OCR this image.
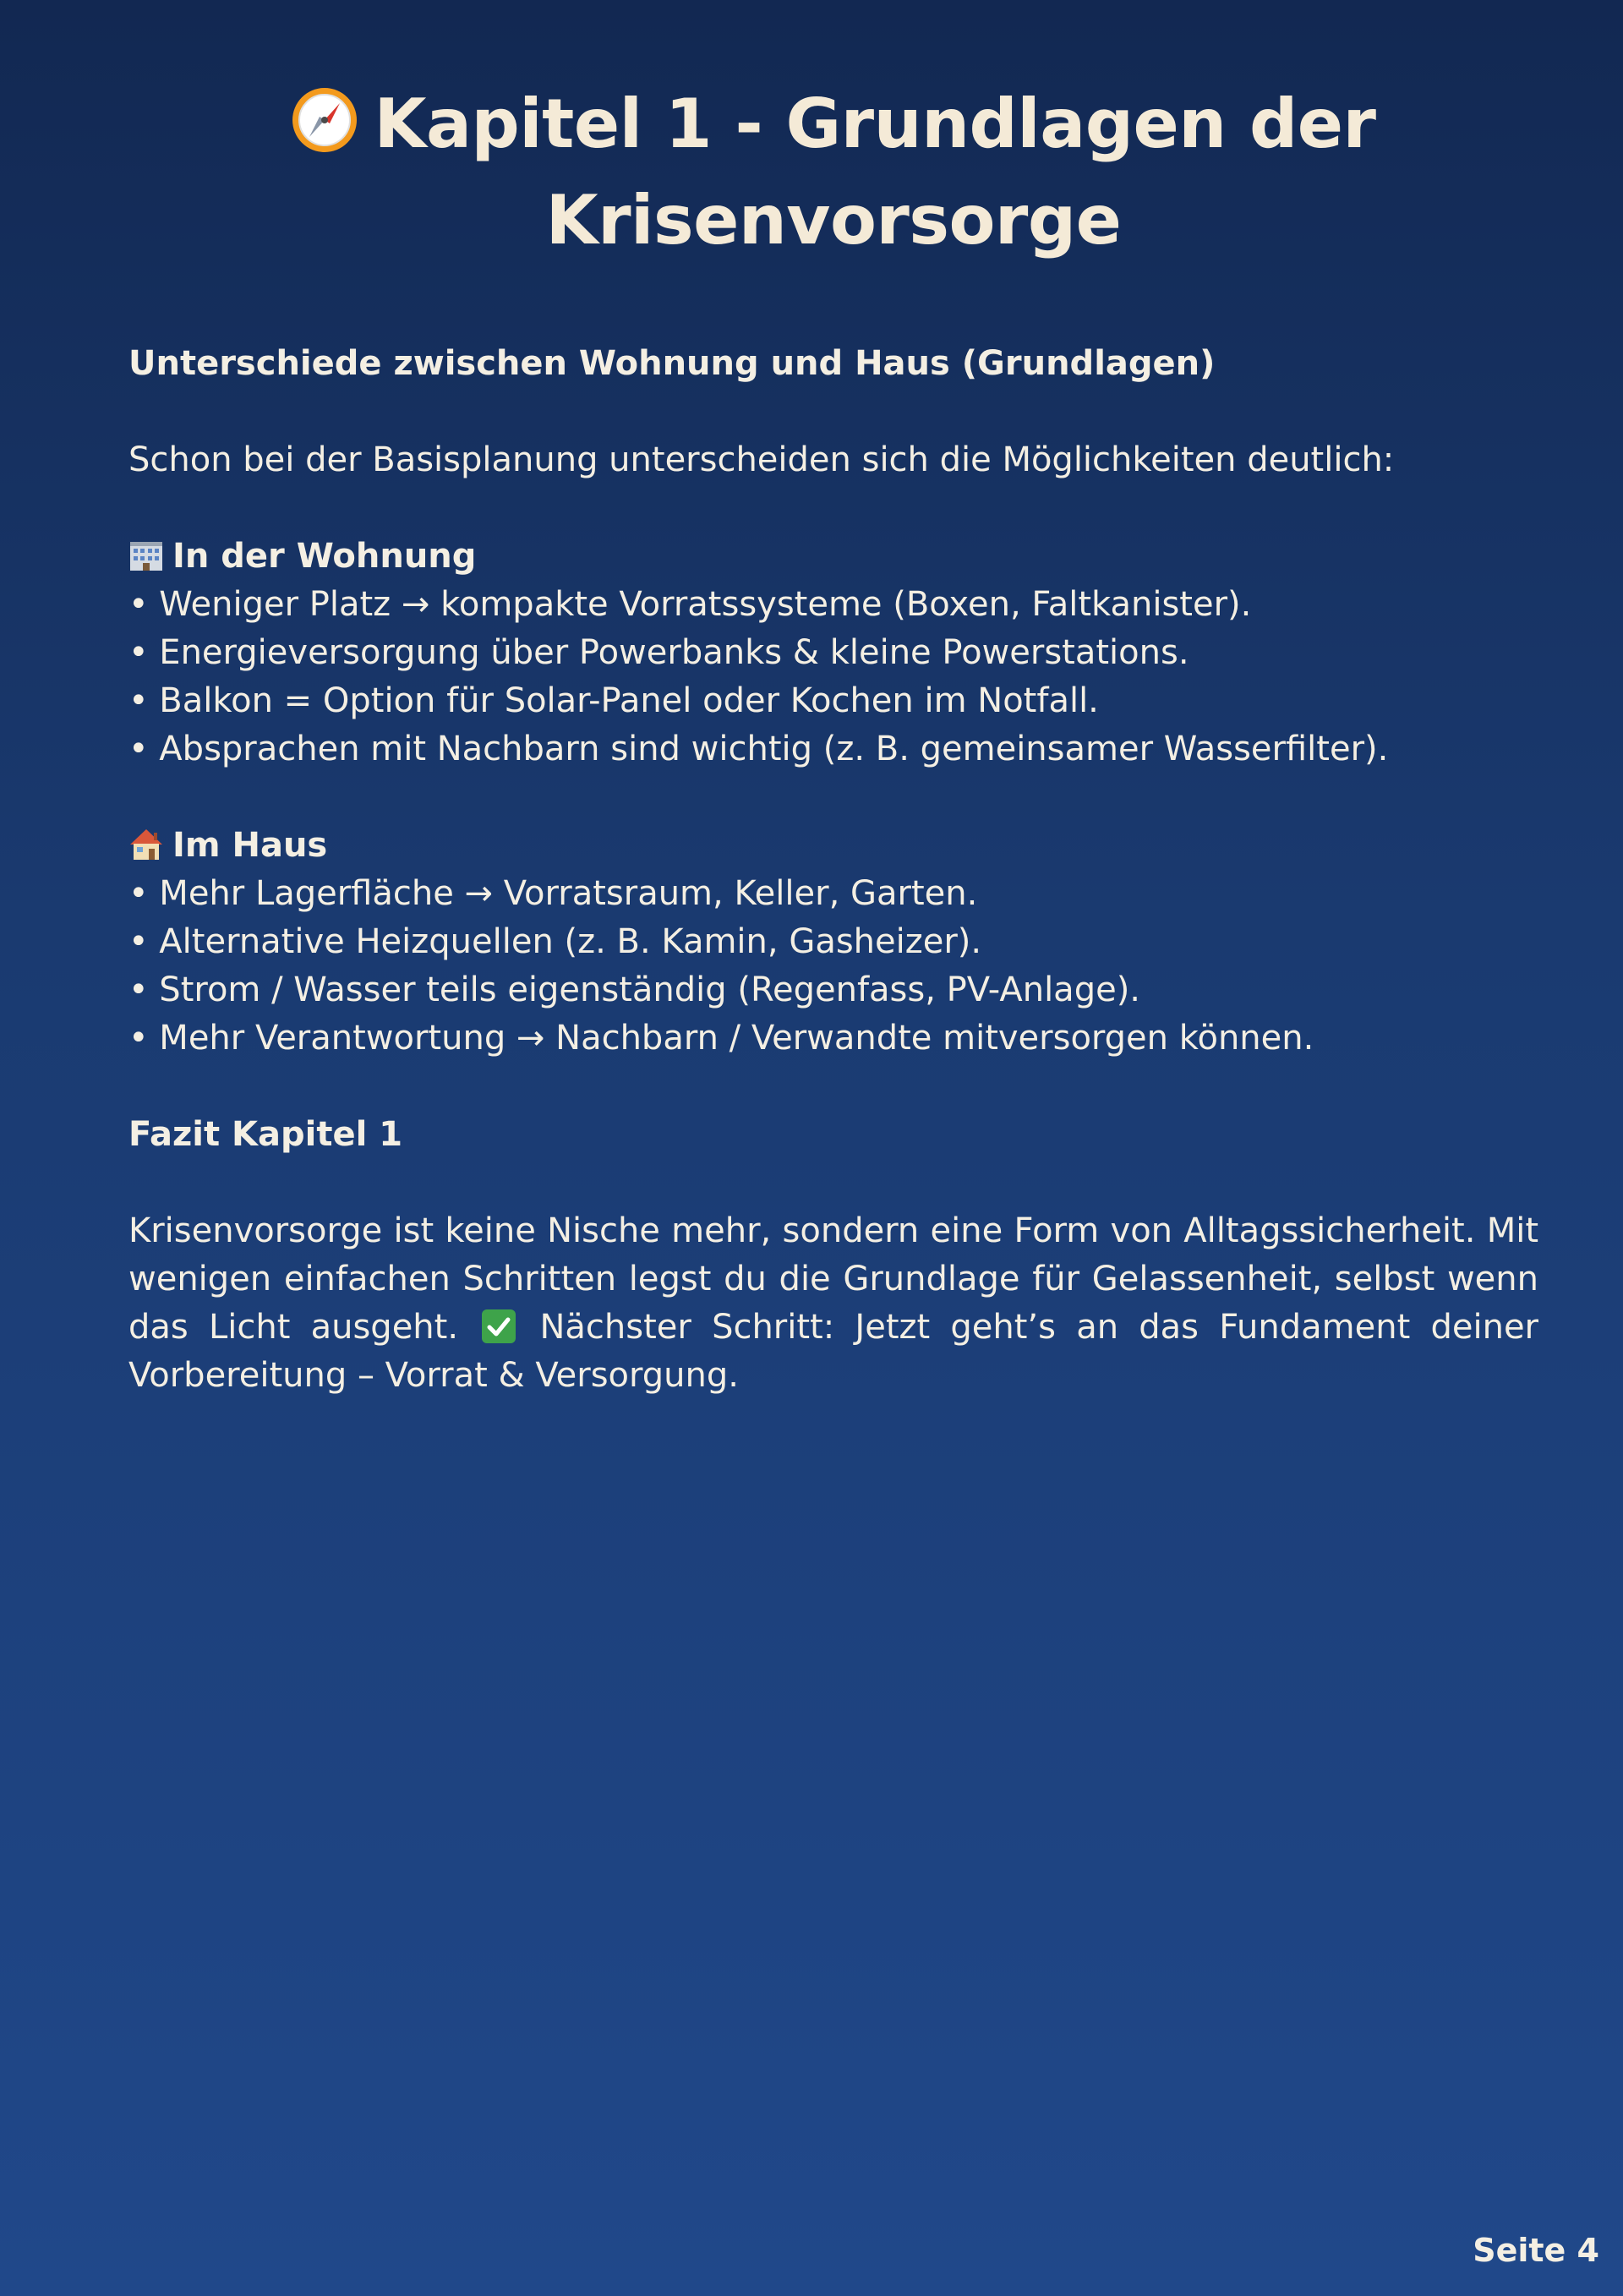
Kapitel 1 - Grundlagen der Krisenvorsorge

Unterschiede zwischen Wohnung und Haus (Grundlagen)

Schon bei der Basisplanung unterscheiden sich die Möglichkeiten deutlich:

In der Wohnung

• Weniger Platz → kompakte Vorratssysteme (Boxen, Faltkanister).
• Energieversorgung über Powerbanks & kleine Powerstations.
• Balkon = Option für Solar-Panel oder Kochen im Notfall.
• Absprachen mit Nachbarn sind wichtig (z. B. gemeinsamer Wasserfilter).

Im Haus

• Mehr Lagerfläche → Vorratsraum, Keller, Garten.
• Alternative Heizquellen (z. B. Kamin, Gasheizer).
• Strom / Wasser teils eigenständig (Regenfass, PV-Anlage).
• Mehr Verantwortung → Nachbarn / Verwandte mitversorgen können.

Fazit Kapitel 1

Krisenvorsorge ist keine Nische mehr, sondern eine Form von Alltagssicherheit. Mit wenigen einfachen Schritten legst du die Grundlage für Gelassenheit, selbst wenn das Licht ausgeht. Nächster Schritt: Jetzt geht’s an das Fundament deiner Vorbereitung – Vorrat & Versorgung.

Seite 4
